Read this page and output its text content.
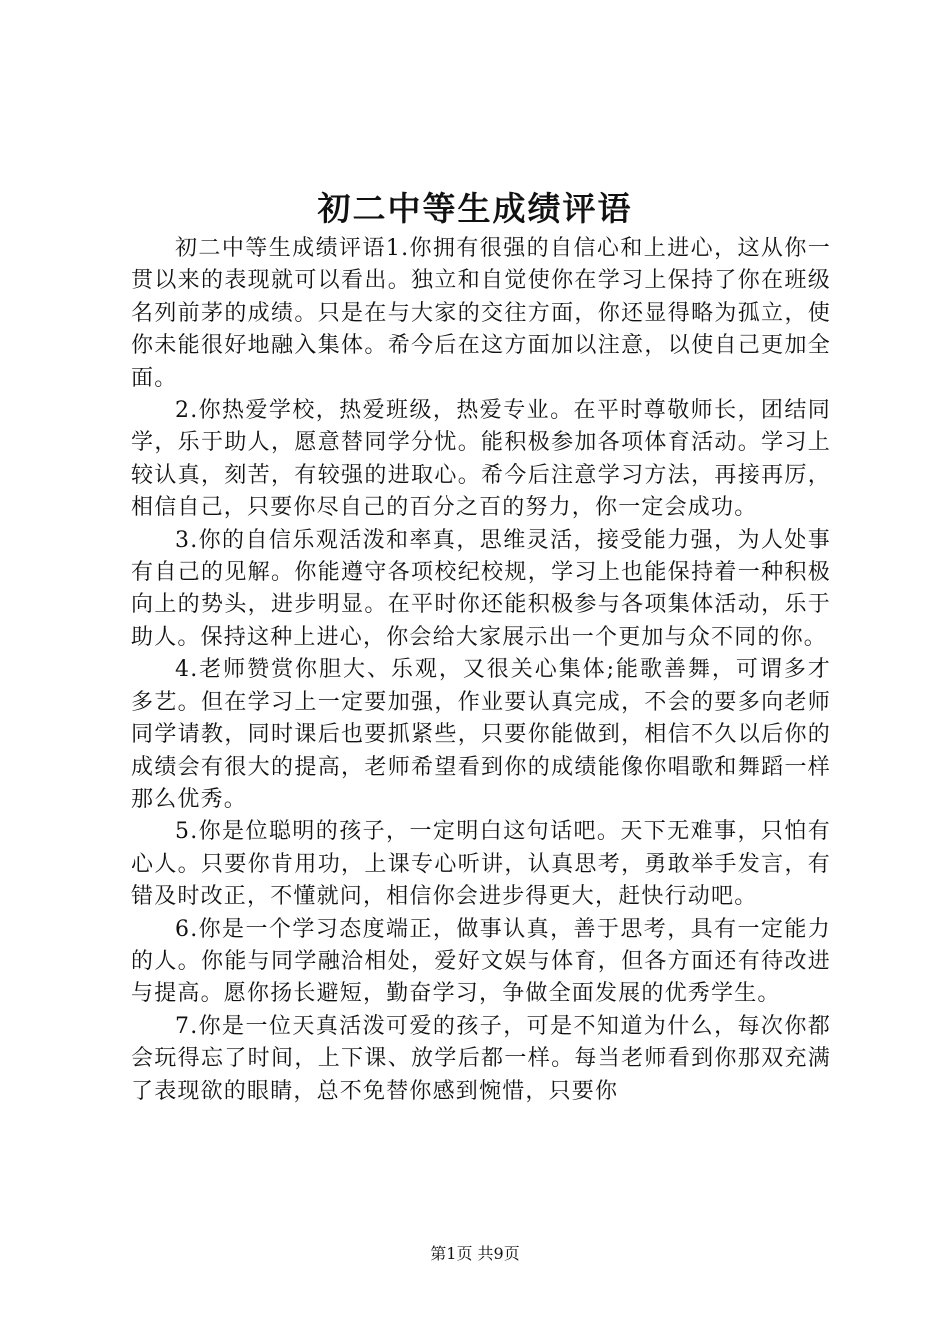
初二中等生成绩评语

初二中等生成绩评语1.你拥有很强的自信心和上进心，这从你一贯以来的表现就可以看出。独立和自觉使你在学习上保持了你在班级名列前茅的成绩。只是在与大家的交往方面，你还显得略为孤立，使你未能很好地融入集体。希今后在这方面加以注意，以使自己更加全面。

2.你热爱学校，热爱班级，热爱专业。在平时尊敬师长，团结同学，乐于助人，愿意替同学分忧。能积极参加各项体育活动。学习上较认真，刻苦，有较强的进取心。希今后注意学习方法，再接再厉，相信自己，只要你尽自己的百分之百的努力，你一定会成功。

3.你的自信乐观活泼和率真，思维灵活，接受能力强，为人处事有自己的见解。你能遵守各项校纪校规，学习上也能保持着一种积极向上的势头，进步明显。在平时你还能积极参与各项集体活动，乐于助人。保持这种上进心，你会给大家展示出一个更加与众不同的你。

4.老师赞赏你胆大、乐观，又很关心集体;能歌善舞，可谓多才多艺。但在学习上一定要加强，作业要认真完成，不会的要多向老师同学请教，同时课后也要抓紧些，只要你能做到，相信不久以后你的成绩会有很大的提高，老师希望看到你的成绩能像你唱歌和舞蹈一样那么优秀。

5.你是位聪明的孩子，一定明白这句话吧。天下无难事，只怕有心人。只要你肯用功，上课专心听讲，认真思考，勇敢举手发言，有错及时改正，不懂就问，相信你会进步得更大，赶快行动吧。

6.你是一个学习态度端正，做事认真，善于思考，具有一定能力的人。你能与同学融洽相处，爱好文娱与体育，但各方面还有待改进与提高。愿你扬长避短，勤奋学习，争做全面发展的优秀学生。

7.你是一位天真活泼可爱的孩子，可是不知道为什么，每次你都会玩得忘了时间，上下课、放学后都一样。每当老师看到你那双充满了表现欲的眼睛，总不免替你感到惋惜，只要你

第1页 共9页
